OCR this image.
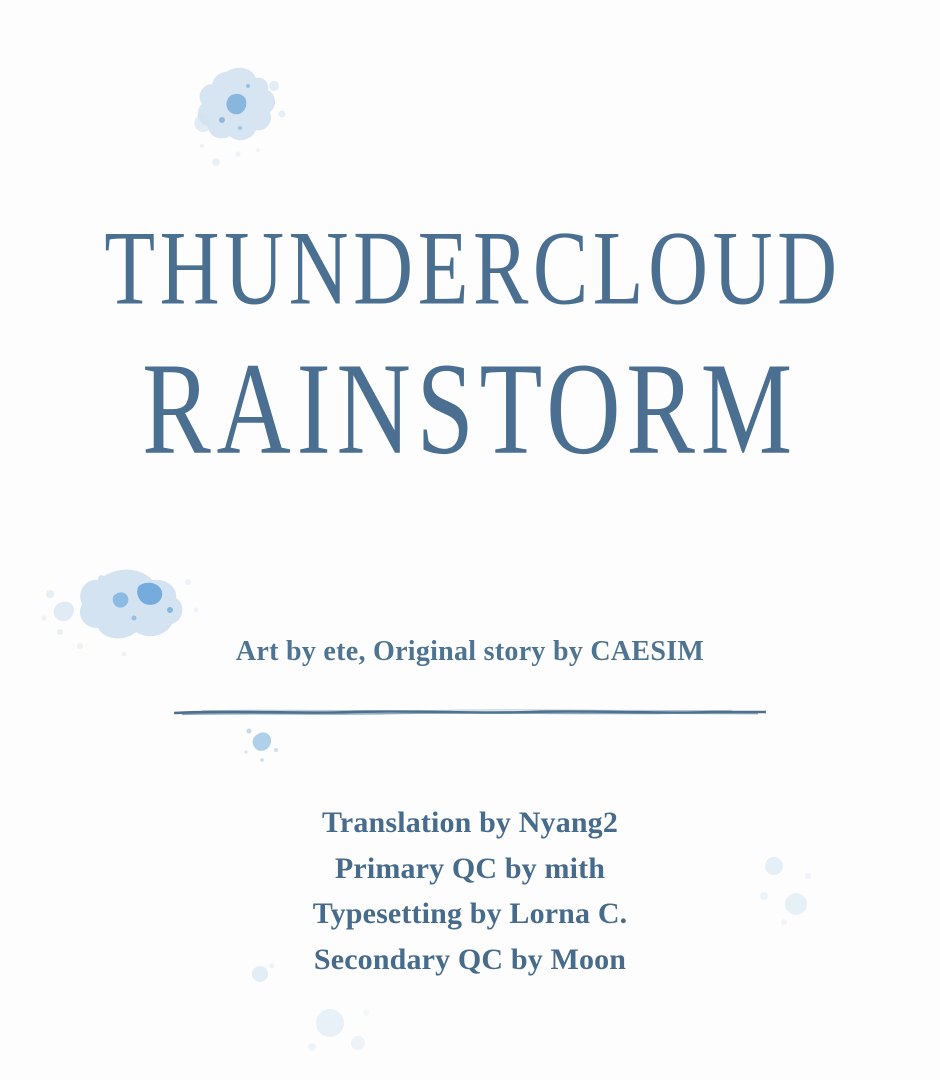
THUNDERCLOUD
RAINSTORM
Art by ete, Original story by CAESIM
Translation by Nyang2
Primary QC by mith
Typesetting by Lorna C.
Secondary QC by Moon
